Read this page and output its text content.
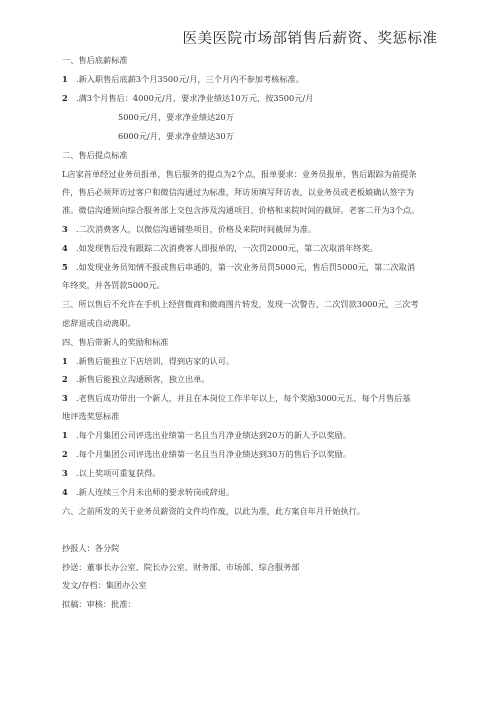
医美医院市场部销售后薪资、奖惩标准
一、售后底薪标准
1 .新入职售后底薪3个月3500元/月，三个月内不参加考核标准。
2 .满3个月售后：4000元/月，要求净业绩达10万元，按3500元/月
5000元/月，要求净业绩达20万
6000元/月，要求净业绩达30万
二、售后提点标准
L店家首单经过业务员报单，售后服务的提点为2个点，报单要求：业务员报单，售后跟踪为前提条
件，售后必须拜访过客户和微信沟通过为标准，拜访须填写拜访表，以业务员或老板娘确认签字为
准。微信沟通须向综合服务部上交包含涉及沟通项目、价格和来院时间的截屏。老客二开为3个点。
3 .二次消费客人，以微信沟通铺垫项目，价格及来院时间截屏为准。
4 .如发现售后没有跟踪二次消费客人即报单的，一次罚2000元，第二次取消年终奖。
5 .如发现业务员知情不报或售后串通的，第一次业务员罚5000元，售后罚5000元，第二次取消
年终奖，并各罚款5000元。
三、所以售后不允许在手机上经营微商和微商图片转发，发现一次警告，二次罚款3000元，三次考
虑辞退或自动离职。
四、售后带新人的奖励和标准
1 .新售后能独立下店培训，得到店家的认可。
2 .新售后能独立沟通顾客，独立出单。
3 .老售后成功带出一个新人，并且在本岗位工作半年以上，每个奖励3000元五、每个月售后基
地评选奖惩标准
1 .每个月集团公司评选出业绩第一名且当月净业绩达到20万的新人予以奖励。
2 .每个月集团公司评选出业绩第一名且当月净业绩达到30万的售后予以奖励。
3 .以上奖项可重复获得。
4 .新人连续三个月未出师的要求转岗或辞退。
六、之前所发的关于业务员薪资的文件均作废，以此为准，此方案自年月开始执行。
抄报人：各分院
抄送：董事长办公室、院长办公室、财务部、市场部、综合服务部
发文/存档：集团办公室
拟稿：审核：批准：
